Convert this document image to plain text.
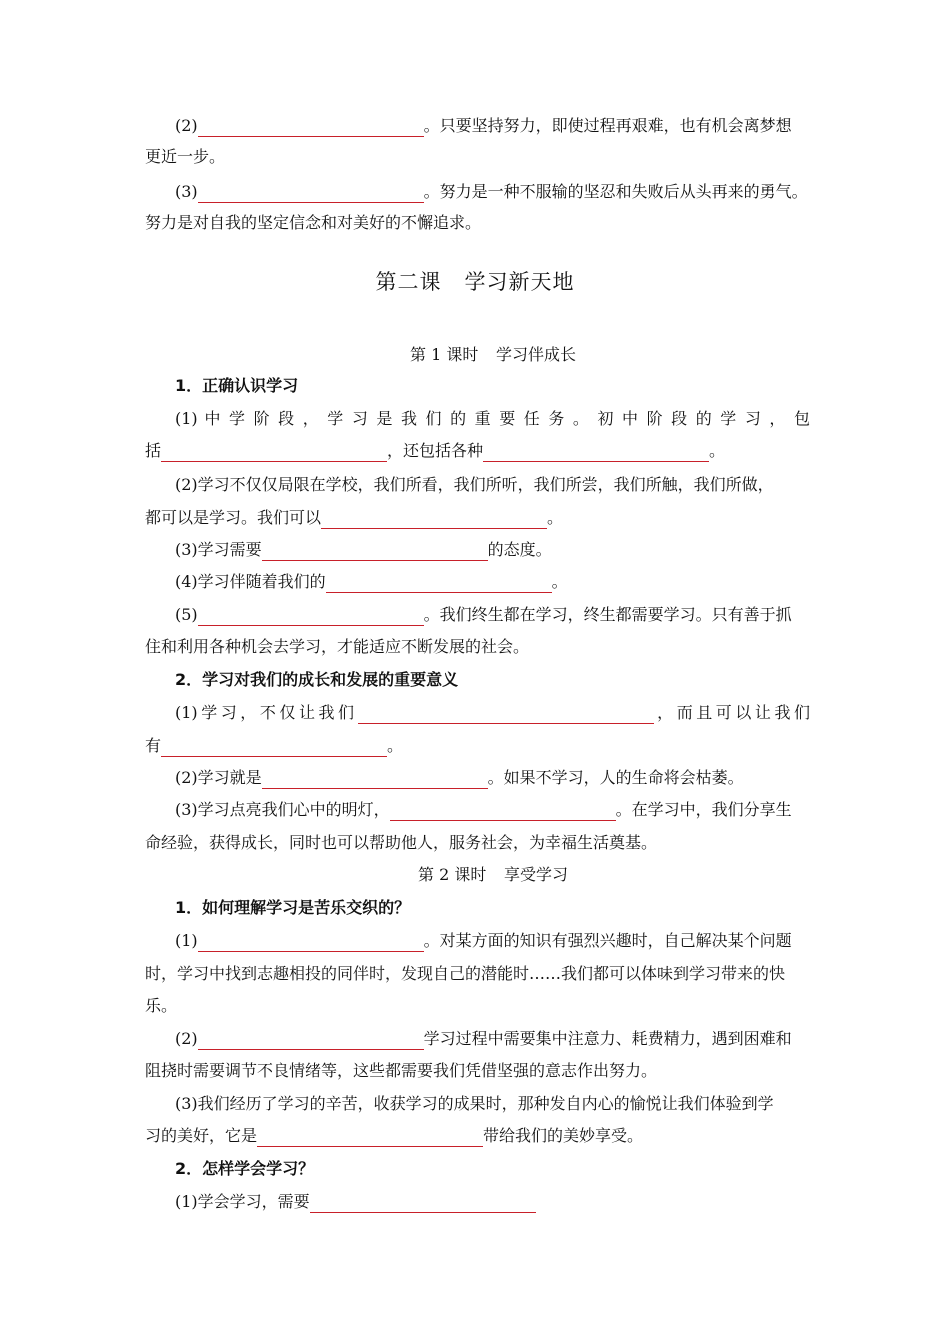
(2)	。只要坚持努力，即使过程再艰难，也有机会离梦想
更近一步。
(3)	。努力是一种不服输的坚忍和失败后从头再来的勇气。
努力是对自我的坚定信念和对美好的不懈追求。
第二课 学习新天地
第 1 课时 学习伴成长
1．正确认识学习
(1) 中 学 阶 段 ， 学 习 是 我 们 的 重 要 任 务 。 初 中 阶 段 的 学 习 ， 包
括	，还包括各种	。
(2)学习不仅仅局限在学校，我们所看，我们所听，我们所尝，我们所触，我们所做，
都可以是学习。我们可以	。
(3)学习需要	的态度。
(4)学习伴随着我们的	。
(5)	。我们终生都在学习，终生都需要学习。只有善于抓
住和利用各种机会去学习，才能适应不断发展的社会。
2．学习对我们的成长和发展的重要意义
(1)学习，不仅让我们	，而且可以让我们
有	。
(2)学习就是	。如果不学习，人的生命将会枯萎。
(3)学习点亮我们心中的明灯，	。在学习中，我们分享生
命经验，获得成长，同时也可以帮助他人，服务社会，为幸福生活奠基。
第 2 课时 享受学习
1．如何理解学习是苦乐交织的？
(1)	。对某方面的知识有强烈兴趣时，自己解决某个问题
时，学习中找到志趣相投的同伴时，发现自己的潜能时……我们都可以体味到学习带来的快
乐。
(2)	学习过程中需要集中注意力、耗费精力，遇到困难和
阻挠时需要调节不良情绪等，这些都需要我们凭借坚强的意志作出努力。
(3)我们经历了学习的辛苦，收获学习的成果时，那种发自内心的愉悦让我们体验到学
习的美好，它是	带给我们的美妙享受。
2．怎样学会学习？
(1)学会学习，需要
